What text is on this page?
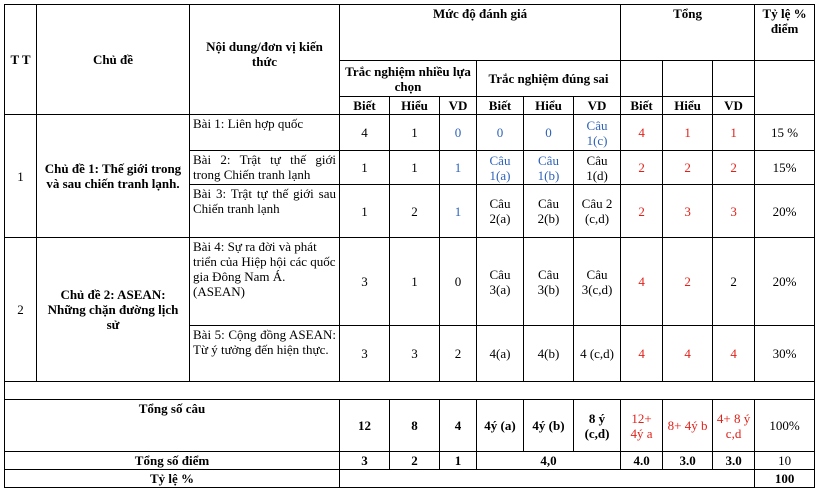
T T	Chủ đề	Nội dung/đơn vị kiến thức	Mức độ đánh giá						Tổng			Tỷ lệ % điểm
			Trắc nghiệm nhiều lựa chọn			Trắc nghiệm đúng sai						
			Biết	Hiểu	VD	Biết	Hiểu	VD	Biết	Hiểu	VD	
1	Chủ đề 1: Thế giới trong và sau chiến tranh lạnh.	Bài 1: Liên hợp quốc	4	1	0	0	0	Câu 1(c)	4	1	1	15 %
		Bài 2: Trật tự thế giới trong Chiến tranh lạnh	1	1	1	Câu 1(a)	Câu 1(b)	Câu 1(d)	2	2	2	15%
		Bài 3: Trật tự thế giới sau Chiến tranh lạnh	1	2	1	Câu 2(a)	Câu 2(b)	Câu 2 (c,d)	2	3	3	20%
2	Chủ đề 2: ASEAN: Những chặn đường lịch sử	Bài 4: Sự ra đời và phát triển của Hiệp hội các quốc gia Đông Nam Á. (ASEAN)	3	1	0	Câu 3(a)	Câu 3(b)	Câu 3(c,d)	4	2	2	20%
		Bài 5: Cộng đồng ASEAN: Từ ý tưởng đến hiện thực.	3	3	2	4(a)	4(b)	4 (c,d)	4	4	4	30%

Tổng số câu			12	8	4	4ý (a)	4ý (b)	8 ý (c,d)	12+ 4ý a	8+ 4ý b	4+ 8 ý c,d	100%
Tổng số điểm			3	2	1	4,0			4.0	3.0	3.0	10
Tỷ lệ %												100
